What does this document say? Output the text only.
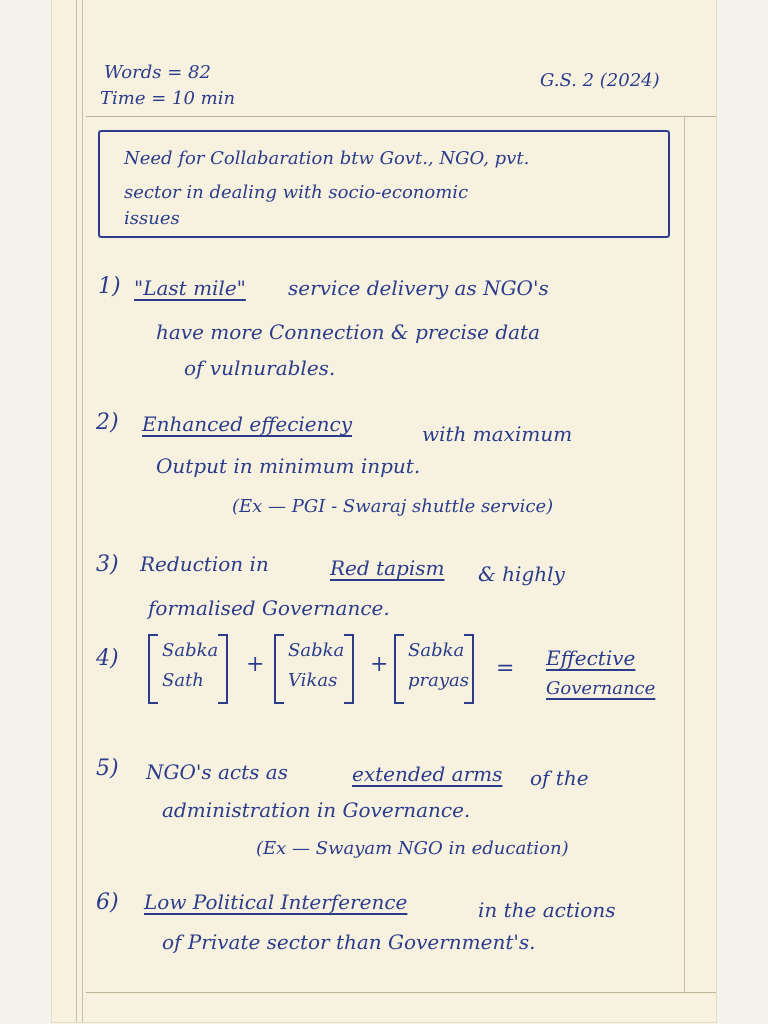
Words = 82
Time = 10 min
G.S. 2 (2024)
Need for Collabaration btw Govt., NGO, pvt.
sector in dealing with socio-economic
issues
1) "Last mile" service delivery as NGO's
have more Connection & precise data
of vulnurables.
2) Enhanced effeciency	with maximum
Output in minimum input.
(Ex — PGI - Swaraj shuttle service)
3) Reduction in	Red tapism & highly
formalised Governance.
4) Sabka
Sath
+
Sabka
Vikas
+
Sabka
prayas = Effective
Governance
5) NGO's acts as	extended arms of the
administration in Governance.
(Ex — Swayam NGO in education)
6) Low Political Interference	in the actions
of Private sector than Government's.
